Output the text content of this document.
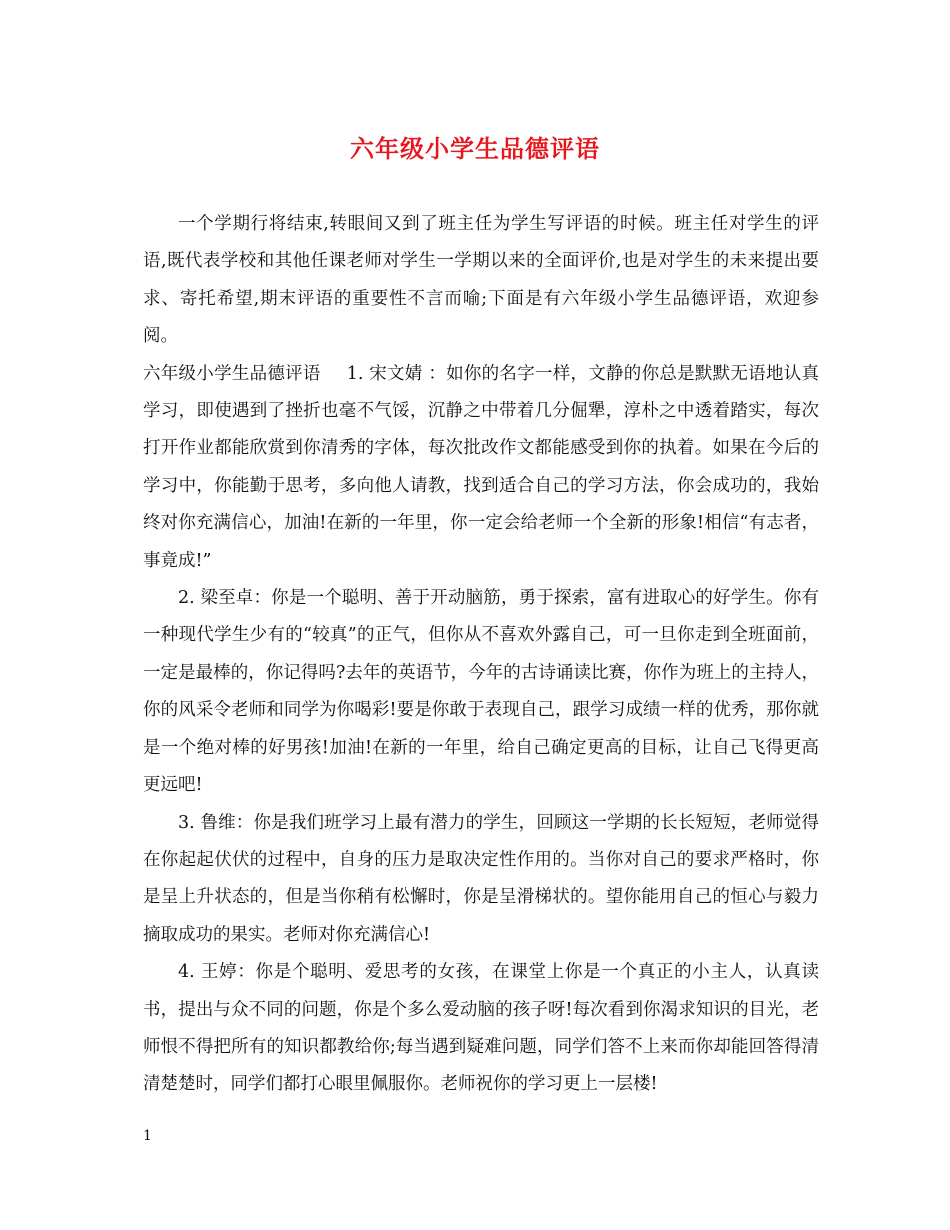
六年级小学生品德评语

一个学期行将结束,转眼间又到了班主任为学生写评语的时候。班主任对学生的评语,既代表学校和其他任课老师对学生一学期以来的全面评价,也是对学生的未来提出要求、寄托希望,期末评语的重要性不言而喻;下面是有六年级小学生品德评语，欢迎参阅。

六年级小学生品德评语 1. 宋文婧 ：如你的名字一样，文静的你总是默默无语地认真学习，即使遇到了挫折也毫不气馁，沉静之中带着几分倔犟，淳朴之中透着踏实，每次打开作业都能欣赏到你清秀的字体，每次批改作文都能感受到你的执着。如果在今后的学习中，你能勤于思考，多向他人请教，找到适合自己的学习方法，你会成功的，我始终对你充满信心，加油!在新的一年里，你一定会给老师一个全新的形象!相信“有志者，事竟成!”

2. 梁至卓：你是一个聪明、善于开动脑筋，勇于探索，富有进取心的好学生。你有一种现代学生少有的“较真”的正气，但你从不喜欢外露自己，可一旦你走到全班面前，一定是最棒的，你记得吗?去年的英语节，今年的古诗诵读比赛，你作为班上的主持人，你的风采令老师和同学为你喝彩!要是你敢于表现自己，跟学习成绩一样的优秀，那你就是一个绝对棒的好男孩!加油!在新的一年里，给自己确定更高的目标，让自己飞得更高更远吧!

3. 鲁维：你是我们班学习上最有潜力的学生，回顾这一学期的长长短短，老师觉得在你起起伏伏的过程中，自身的压力是取决定性作用的。当你对自己的要求严格时，你是呈上升状态的，但是当你稍有松懈时，你是呈滑梯状的。望你能用自己的恒心与毅力摘取成功的果实。老师对你充满信心!

4. 王婷：你是个聪明、爱思考的女孩，在课堂上你是一个真正的小主人，认真读书，提出与众不同的问题，你是个多么爱动脑的孩子呀!每次看到你渴求知识的目光，老师恨不得把所有的知识都教给你;每当遇到疑难问题，同学们答不上来而你却能回答得清清楚楚时，同学们都打心眼里佩服你。老师祝你的学习更上一层楼!

1
